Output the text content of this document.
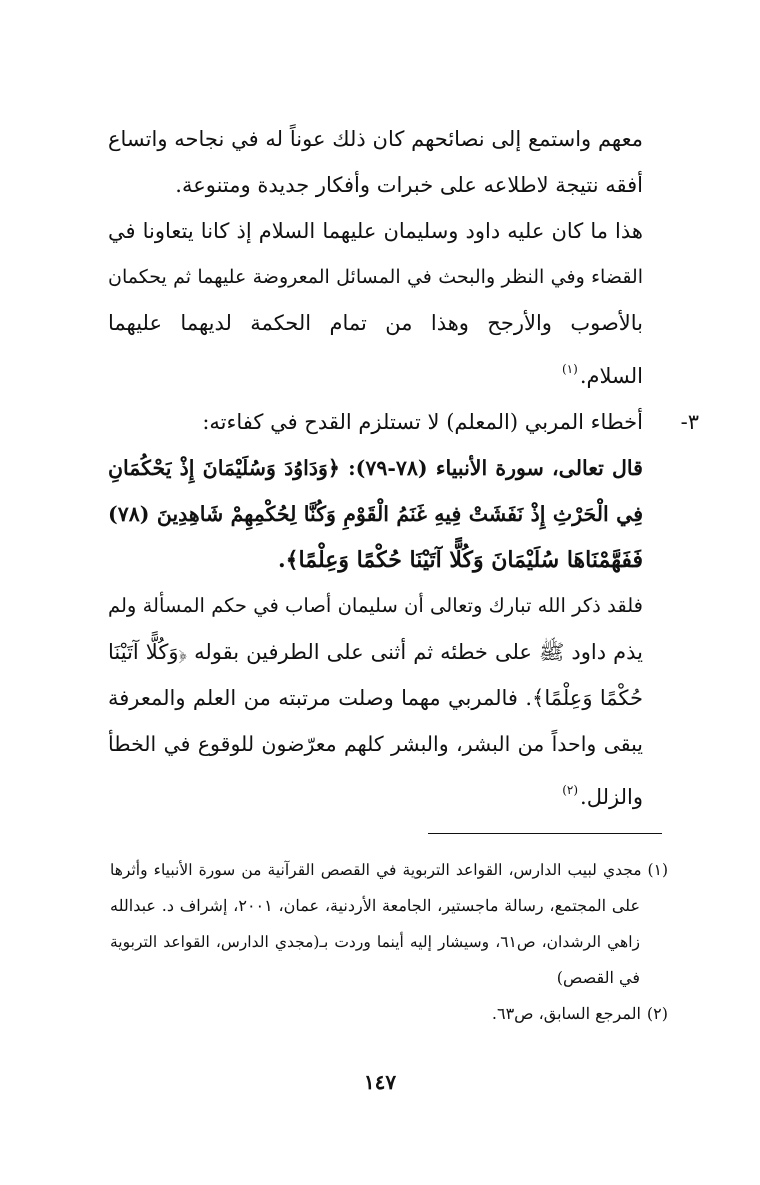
معهم واستمع إلى نصائحهم كان ذلك عوناً له في نجاحه واتساع
أفقه نتيجة لاطلاعه على خبرات وأفكار جديدة ومتنوعة.
هذا ما كان عليه داود وسليمان عليهما السلام إذ كانا يتعاونا في
القضاء وفي النظر والبحث في المسائل المعروضة عليهما ثم يحكمان
بالأصوب والأرجح وهذا من تمام الحكمة لديهما عليهما
السلام.$^{(١)}$
٣-
أخطاء المربي (المعلم) لا تستلزم القدح في كفاءته:
قال تعالى، سورة الأنبياء (٧٨-٧٩): ﴿وَدَاوُدَ وَسُلَيْمَانَ إِذْ يَحْكُمَانِ
فِي الْحَرْثِ إِذْ نَفَشَتْ فِيهِ غَنَمُ الْقَوْمِ وَكُنَّا لِحُكْمِهِمْ شَاهِدِينَ (٧٨)
فَفَهَّمْنَاهَا سُلَيْمَانَ وَكُلًّا آتَيْنَا حُكْمًا وَعِلْمًا﴾.
فلقد ذكر الله تبارك وتعالى أن سليمان أصاب في حكم المسألة ولم
يذم داود ﷺ على خطئه ثم أثنى على الطرفين بقوله ﴿وَكُلًّا آتَيْنَا
حُكْمًا وَعِلْمًا﴾. فالمربي مهما وصلت مرتبته من العلم والمعرفة
يبقى واحداً من البشر، والبشر كلهم معرّضون للوقوع في الخطأ
والزلل.$^{(٢)}$
(١)مجدي لبيب الدارس، القواعد التربوية في القصص القرآنية من سورة الأنبياء وأثرها
على المجتمع، رسالة ماجستير، الجامعة الأردنية، عمان، ٢٠٠١، إشراف د. عبدالله
زاهي الرشدان، ص٦١، وسيشار إليه أينما وردت بـ(مجدي الدارس، القواعد التربوية
في القصص)
(٢)المرجع السابق، ص٦٣.
١٤٧
